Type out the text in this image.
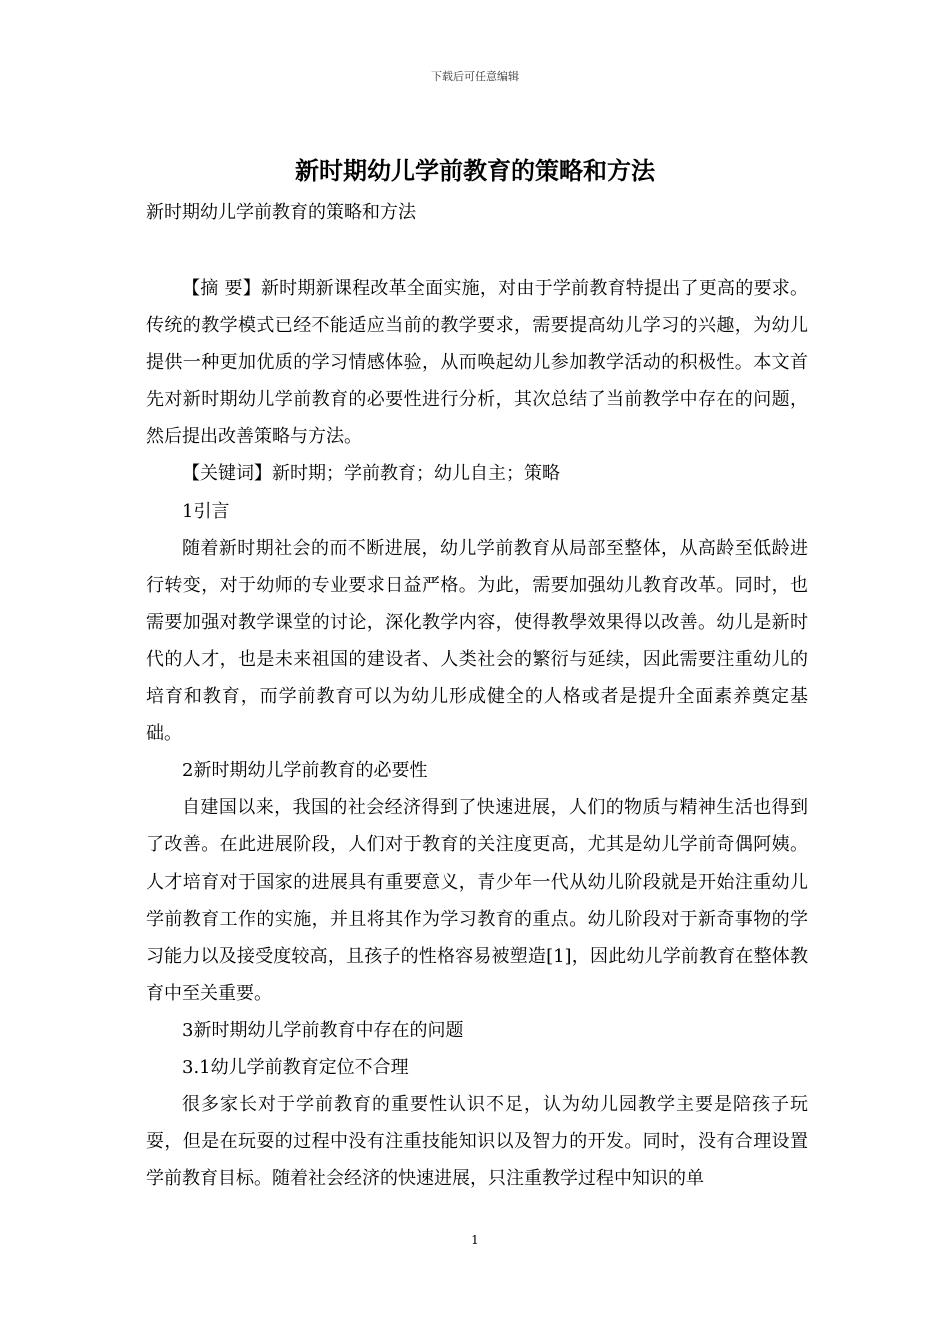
下载后可任意编辑
新时期幼儿学前教育的策略和方法

新时期幼儿学前教育的策略和方法

【摘 要】新时期新课程改革全面实施，对由于学前教育特提出了更高的要求。传统的教学模式已经不能适应当前的教学要求，需要提高幼儿学习的兴趣，为幼儿提供一种更加优质的学习情感体验，从而唤起幼儿参加教学活动的积极性。本文首先对新时期幼儿学前教育的必要性进行分析，其次总结了当前教学中存在的问题，然后提出改善策略与方法。

【关键词】新时期；学前教育；幼儿自主；策略

1引言

随着新时期社会的而不断进展，幼儿学前教育从局部至整体，从高龄至低龄进行转变，对于幼师的专业要求日益严格。为此，需要加强幼儿教育改革。同时，也需要加强对教学课堂的讨论，深化教学内容，使得教學效果得以改善。幼儿是新时代的人才，也是未来祖国的建设者、人类社会的繁衍与延续，因此需要注重幼儿的培育和教育，而学前教育可以为幼儿形成健全的人格或者是提升全面素养奠定基础。

2新时期幼儿学前教育的必要性

自建国以来，我国的社会经济得到了快速进展，人们的物质与精神生活也得到了改善。在此进展阶段，人们对于教育的关注度更高，尤其是幼儿学前奇偶阿姨。人才培育对于国家的进展具有重要意义，青少年一代从幼儿阶段就是开始注重幼儿学前教育工作的实施，并且将其作为学习教育的重点。幼儿阶段对于新奇事物的学习能力以及接受度较高，且孩子的性格容易被塑造[1]，因此幼儿学前教育在整体教育中至关重要。

3新时期幼儿学前教育中存在的问题

3.1幼儿学前教育定位不合理

很多家长对于学前教育的重要性认识不足，认为幼儿园教学主要是陪孩子玩耍，但是在玩耍的过程中没有注重技能知识以及智力的开发。同时，没有合理设置学前教育目标。随着社会经济的快速进展，只注重教学过程中知识的单

1
